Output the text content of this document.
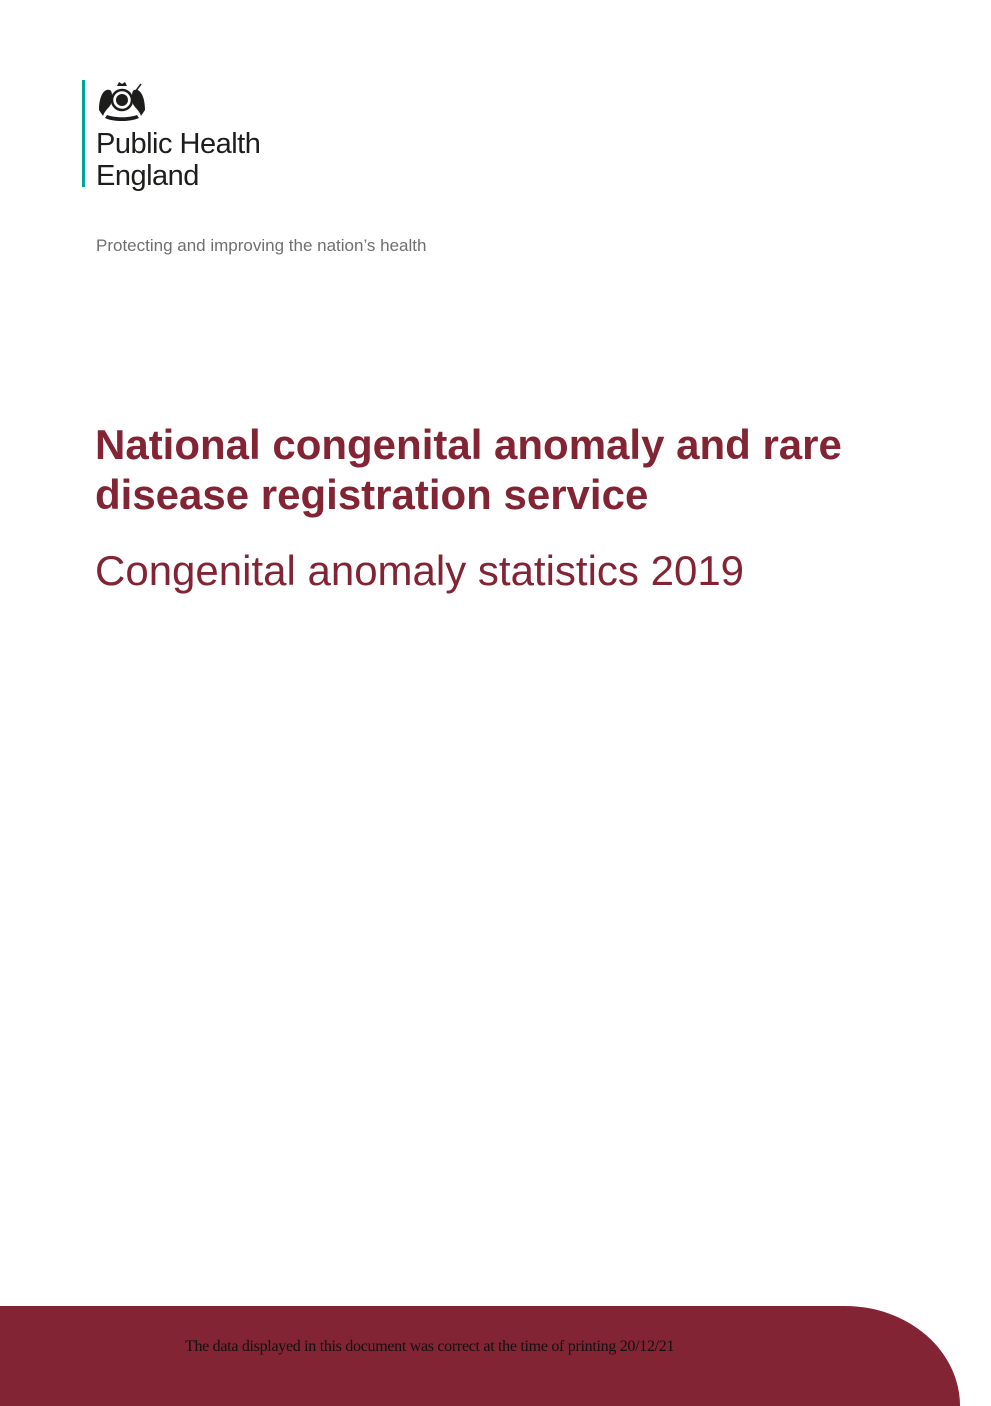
Public Health
England
Protecting and improving the nation’s health
National congenital anomaly and rare disease registration service
Congenital anomaly statistics 2019
The data displayed in this document was correct at the time of printing 20/12/21
